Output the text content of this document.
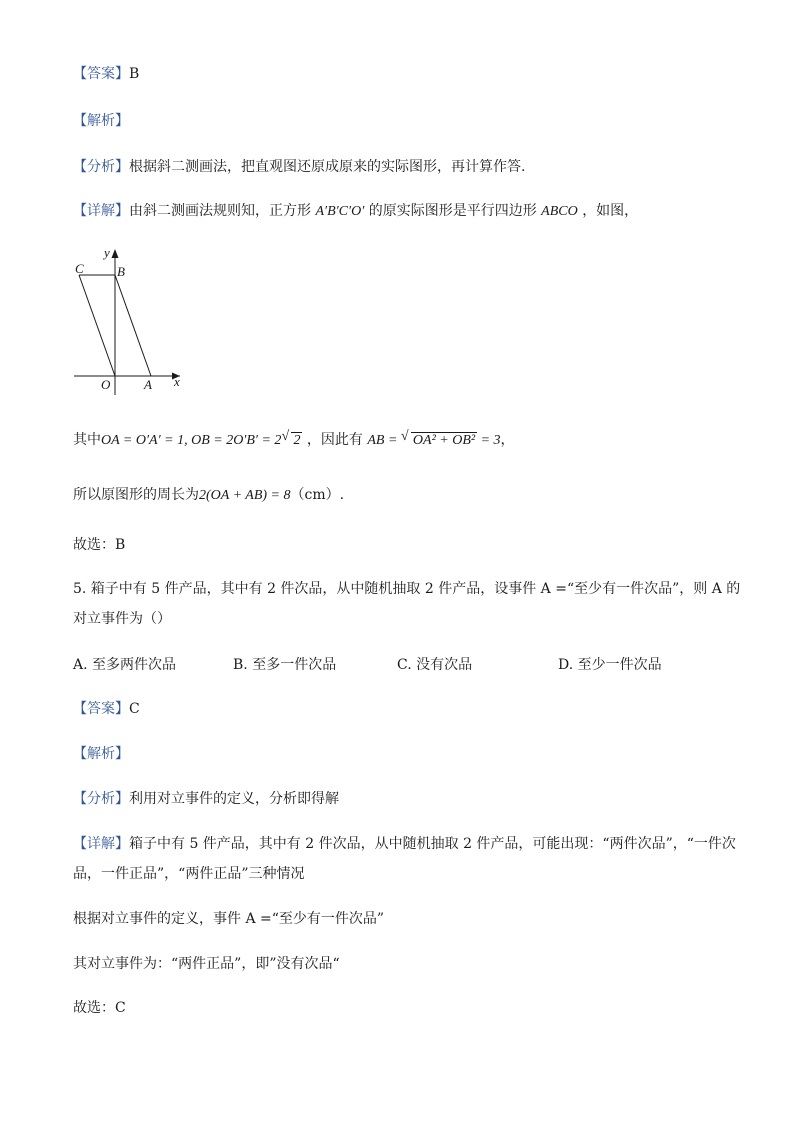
【答案】B
【解析】
【分析】根据斜二测画法，把直观图还原成原来的实际图形，再计算作答.
【详解】由斜二测画法规则知，正方形 A′B′C′O′ 的原实际图形是平行四边形 ABCO ，如图，
y
x
C	B
O	A
其中OA = O′A′ = 1, OB = 2O′B′ = 2 √ 2 ，因此有 AB = √ OA² + OB² = 3，
所以原图形的周长为2(OA + AB) = 8（cm）.
故选：B
5. 箱子中有 5 件产品，其中有 2 件次品，从中随机抽取 2 件产品，设事件 A =“至少有一件次品”，则 A 的
对立事件为（）
A. 至多两件次品	B. 至多一件次品	C. 没有次品	D. 至少一件次品
【答案】C
【解析】
【分析】利用对立事件的定义，分析即得解
【详解】箱子中有 5 件产品，其中有 2 件次品，从中随机抽取 2 件产品，可能出现：“两件次品”，“一件次
品，一件正品”，“两件正品”三种情况
根据对立事件的定义，事件 A =“至少有一件次品”
其对立事件为：“两件正品”，即”没有次品“
故选：C
